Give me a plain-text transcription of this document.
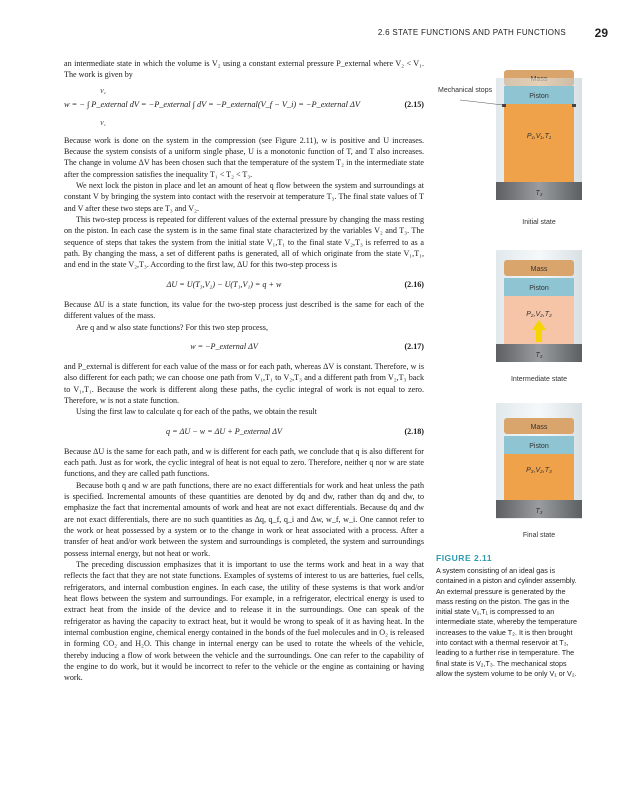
2.6 STATE FUNCTIONS AND PATH FUNCTIONS 29

an intermediate state in which the volume is V₂ using a constant external pressure P_external where V₂ < V₁. The work is given by

V₂
V₁
w = − ∫ P_external dV = −P_external ∫ dV = −P_external(V_f − V_i) = −P_external ΔV	(2.15)

Because work is done on the system in the compression (see Figure 2.11), w is positive and U increases. Because the system consists of a uniform single phase, U is a monotonic function of T, and T also increases. The change in volume ΔV has been chosen such that the temperature of the system T₂ in the intermediate state after the compression satisfies the inequality T₁ < T₂ < T₃.

We next lock the piston in place and let an amount of heat q flow between the system and surroundings at constant V by bringing the system into contact with the reservoir at temperature T₃. The final state values of T and V after these two steps are T₃ and V₂.

This two-step process is repeated for different values of the external pressure by changing the mass resting on the piston. In each case the system is in the same final state characterized by the variables V₂ and T₃. The sequence of steps that takes the system from the initial state V₁,T₁ to the final state V₂,T₃ is referred to as a path. By changing the mass, a set of different paths is generated, all of which originate from the state V₁,T₁, and end in the state V₂,T₃. According to the first law, ΔU for this two-step process is

ΔU = U(T₃,V₂) − U(T₁,V₁) = q + w	(2.16)

Because ΔU is a state function, its value for the two-step process just described is the same for each of the different values of the mass.

Are q and w also state functions? For this two step process,

w = −P_external ΔV	(2.17)

and P_external is different for each value of the mass or for each path, whereas ΔV is constant. Therefore, w is also different for each path; we can choose one path from V₁,T₁ to V₂,T₃ and a different path from V₂,T₃ back to V₁,T₁. Because the work is different along these paths, the cyclic integral of work is not equal to zero. Therefore, w is not a state function.

Using the first law to calculate q for each of the paths, we obtain the result

q = ΔU − w = ΔU + P_external ΔV	(2.18)

Because ΔU is the same for each path, and w is different for each path, we conclude that q is also different for each path. Just as for work, the cyclic integral of heat is not equal to zero. Therefore, neither q nor w are state functions, and they are called path functions.

Because both q and w are path functions, there are no exact differentials for work and heat unless the path is specified. Incremental amounts of these quantities are denoted by đq and đw, rather than dq and dw, to emphasize the fact that incremental amounts of work and heat are not exact differentials. Because đq and đw are not exact differentials, there are no such quantities as Δq, q_f, q_i and Δw, w_f, w_i. One cannot refer to the work or heat possessed by a system or to the change in work or heat associated with a process. After a transfer of heat and/or work between the system and surroundings is completed, the system and surroundings possess internal energy, but not heat or work.

The preceding discussion emphasizes that it is important to use the terms work and heat in a way that reflects the fact that they are not state functions. Examples of systems of interest to us are batteries, fuel cells, refrigerators, and internal combustion engines. In each case, the utility of these systems is that work and/or heat flows between the system and surroundings. For example, in a refrigerator, electrical energy is used to extract heat from the inside of the device and to release it in the surroundings. One can speak of the refrigerator as having the capacity to extract heat, but it would be wrong to speak of it as having heat. In the internal combustion engine, chemical energy contained in the bonds of the fuel molecules and in O₂ is released in forming CO₂ and H₂O. This change in internal energy can be used to rotate the wheels of the vehicle, thereby inducing a flow of work between the vehicle and the surroundings. One can refer to the capability of the engine to do work, but it would be incorrect to refer to the vehicle or the engine as containing or having work.

Piston
P₁,V₁,T₁
T₃
Mechanical stops
Initial state
Mass
Piston
P₂,V₂,T₂
T₃
Intermediate state
Mass
Piston
P₃,V₂,T₃
T₃
Final state
FIGURE 2.11
A system consisting of an ideal gas is contained in a piston and cylinder assembly. An external pressure is generated by the mass resting on the piston. The gas in the initial state V₁,T₁ is compressed to an intermediate state, whereby the temperature increases to the value T₂. It is then brought into contact with a thermal reservoir at T₃, leading to a further rise in temperature. The final state is V₂,T₃. The mechanical stops allow the system volume to be only V₁ or V₂.
